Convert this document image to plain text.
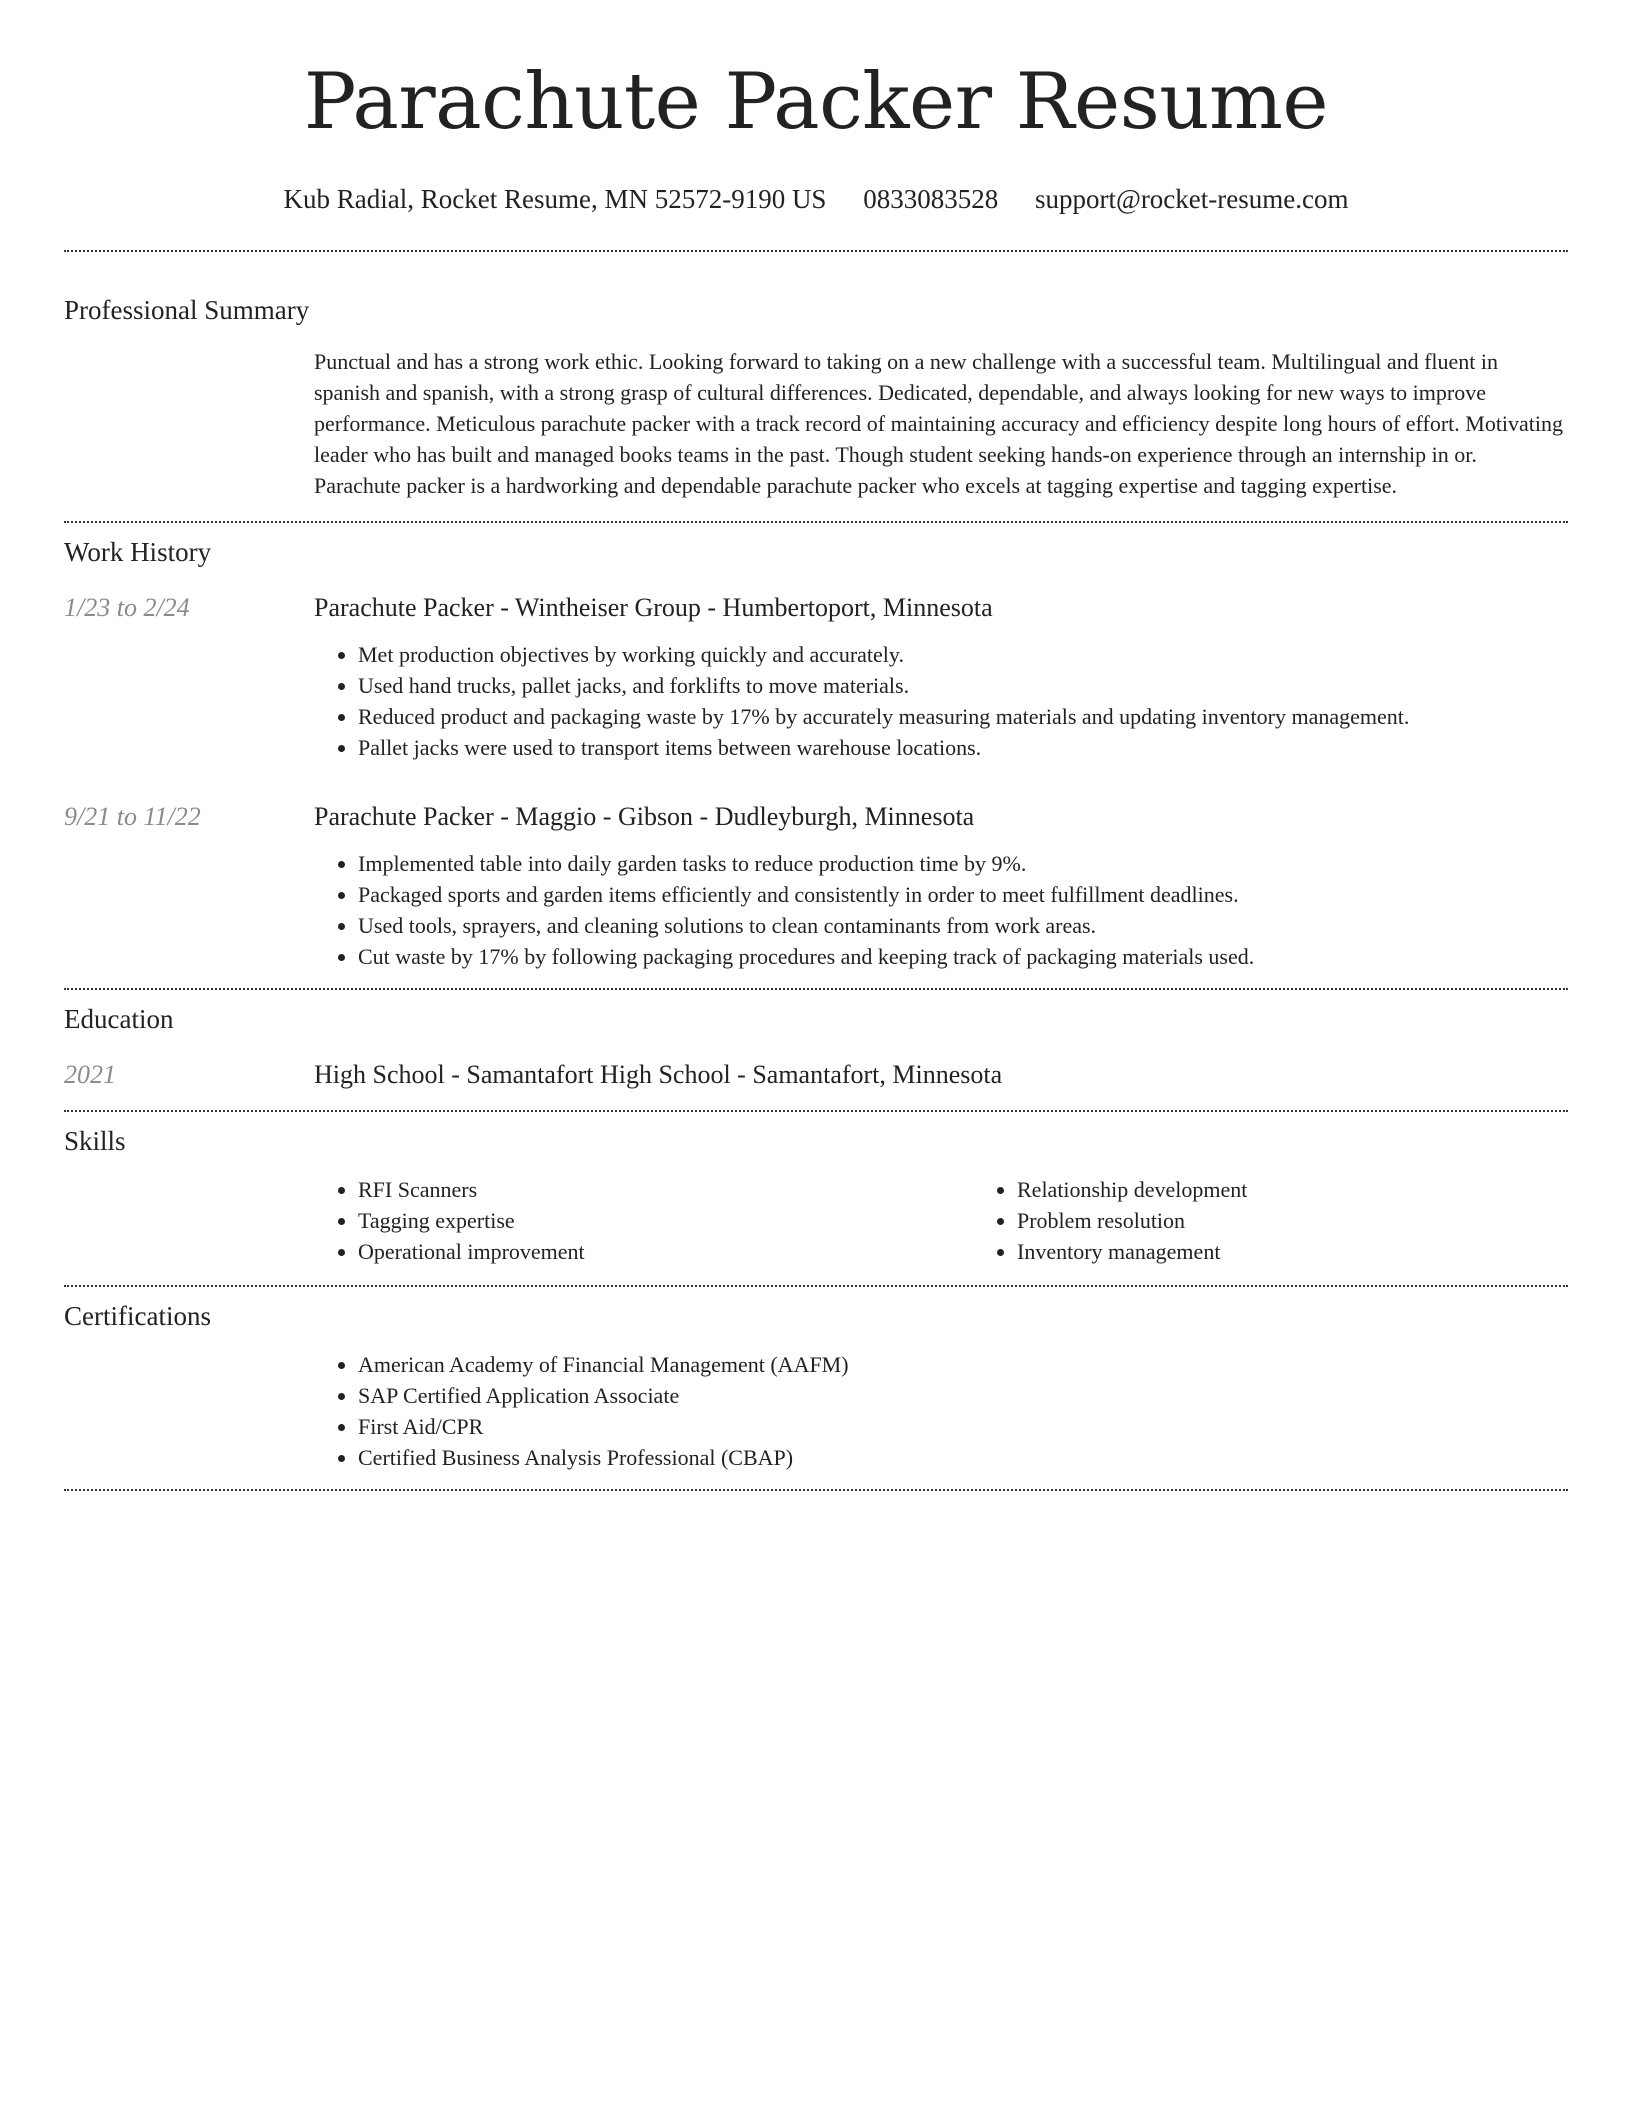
Parachute Packer Resume
Kub Radial, Rocket Resume, MN 52572-9190 US 0833083528 support@rocket-resume.com
Professional Summary
Punctual and has a strong work ethic. Looking forward to taking on a new challenge with a successful team. Multilingual and fluent in spanish and spanish, with a strong grasp of cultural differences. Dedicated, dependable, and always looking for new ways to improve performance. Meticulous parachute packer with a track record of maintaining accuracy and efficiency despite long hours of effort. Motivating leader who has built and managed books teams in the past. Though student seeking hands-on experience through an internship in or. Parachute packer is a hardworking and dependable parachute packer who excels at tagging expertise and tagging expertise.
Work History
1/23 to 2/24	Parachute Packer - Wintheiser Group - Humbertoport, Minnesota
• Met production objectives by working quickly and accurately.
• Used hand trucks, pallet jacks, and forklifts to move materials.
• Reduced product and packaging waste by 17% by accurately measuring materials and updating inventory management.
• Pallet jacks were used to transport items between warehouse locations.
9/21 to 11/22	Parachute Packer - Maggio - Gibson - Dudleyburgh, Minnesota
• Implemented table into daily garden tasks to reduce production time by 9%.
• Packaged sports and garden items efficiently and consistently in order to meet fulfillment deadlines.
• Used tools, sprayers, and cleaning solutions to clean contaminants from work areas.
• Cut waste by 17% by following packaging procedures and keeping track of packaging materials used.
Education
2021	High School - Samantafort High School - Samantafort, Minnesota
Skills
• RFI Scanners
• Tagging expertise
• Operational improvement
• Relationship development
• Problem resolution
• Inventory management
Certifications
• American Academy of Financial Management (AAFM)
• SAP Certified Application Associate
• First Aid/CPR
• Certified Business Analysis Professional (CBAP)
